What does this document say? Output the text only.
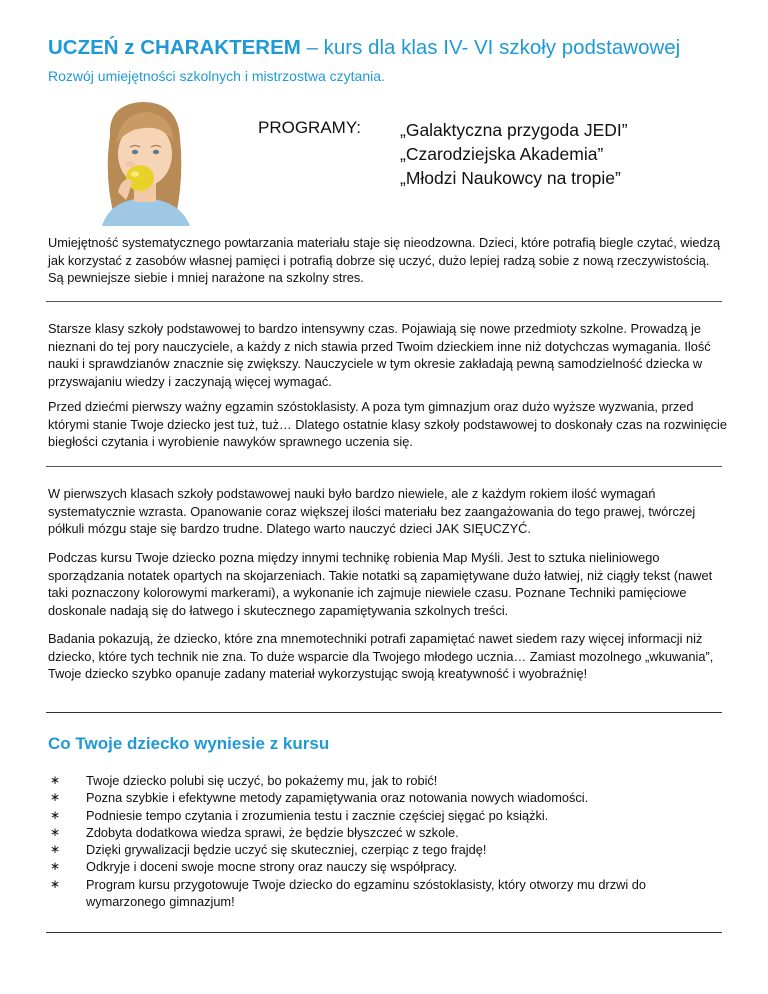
UCZEŃ z CHARAKTEREM – kurs dla klas IV- VI szkoły podstawowej
Rozwój umiejętności szkolnych i mistrzostwa czytania.
PROGRAMY: „Galaktyczna przygoda JEDI”
„Czarodziejska Akademia”
„Młodzi Naukowcy na tropie”

Umiejętność systematycznego powtarzania materiału staje się nieodzowna. Dzieci, które potrafią biegle czytać, wiedzą jak korzystać z zasobów własnej pamięci i potrafią dobrze się uczyć, dużo lepiej radzą sobie z nową rzeczywistością. Są pewniejsze siebie i mniej narażone na szkolny stres.

Starsze klasy szkoły podstawowej to bardzo intensywny czas. Pojawiają się nowe przedmioty szkolne. Prowadzą je nieznani do tej pory nauczyciele, a każdy z nich stawia przed Twoim dzieckiem inne niż dotychczas wymagania. Ilość nauki i sprawdzianów znacznie się zwiększy. Nauczyciele w tym okresie zakładają pewną samodzielność dziecka w przyswajaniu wiedzy i zaczynają więcej wymagać.

Przed dziećmi pierwszy ważny egzamin szóstoklasisty. A poza tym gimnazjum oraz dużo wyższe wyzwania, przed którymi stanie Twoje dziecko jest tuż, tuż… Dlatego ostatnie klasy szkoły podstawowej to doskonały czas na rozwinięcie biegłości czytania i wyrobienie nawyków sprawnego uczenia się.

W pierwszych klasach szkoły podstawowej nauki było bardzo niewiele, ale z każdym rokiem ilość wymagań systematycznie wzrasta. Opanowanie coraz większej ilości materiału bez zaangażowania do tego prawej, twórczej półkuli mózgu staje się bardzo trudne. Dlatego warto nauczyć dzieci JAK SIĘUCZYĆ.

Podczas kursu Twoje dziecko pozna między innymi technikę robienia Map Myśli. Jest to sztuka nieliniowego sporządzania notatek opartych na skojarzeniach. Takie notatki są zapamiętywane dużo łatwiej, niż ciągły tekst (nawet taki poznaczony kolorowymi markerami), a wykonanie ich zajmuje niewiele czasu. Poznane Techniki pamięciowe doskonale nadają się do łatwego i skutecznego zapamiętywania szkolnych treści.

Badania pokazują, że dziecko, które zna mnemotechniki potrafi zapamiętać nawet siedem razy więcej informacji niż dziecko, które tych technik nie zna. To duże wsparcie dla Twojego młodego ucznia… Zamiast mozolnego „wkuwania”, Twoje dziecko szybko opanuje zadany materiał wykorzystując swoją kreatywność i wyobraźnię!

Co Twoje dziecko wyniesie z kursu
∗ Twoje dziecko polubi się uczyć, bo pokażemy mu, jak to robić!
∗ Pozna szybkie i efektywne metody zapamiętywania oraz notowania nowych wiadomości.
∗ Podniesie tempo czytania i zrozumienia testu i zacznie częściej sięgać po książki.
∗ Zdobyta dodatkowa wiedza sprawi, że będzie błyszczeć w szkole.
∗ Dzięki grywalizacji będzie uczyć się skuteczniej, czerpiąc z tego frajdę!
∗ Odkryje i doceni swoje mocne strony oraz nauczy się współpracy.
∗ Program kursu przygotowuje Twoje dziecko do egzaminu szóstoklasisty, który otworzy mu drzwi do wymarzonego gimnazjum!
